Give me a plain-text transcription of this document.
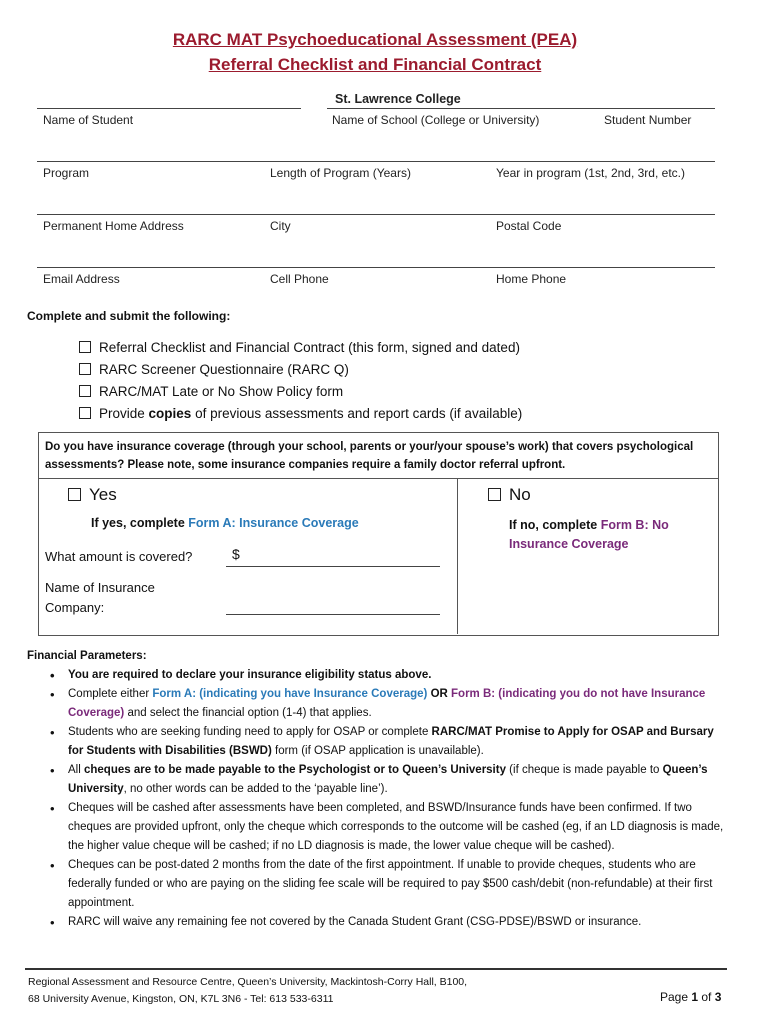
RARC MAT Psychoeducational Assessment (PEA)
Referral Checklist and Financial Contract
St. Lawrence College
Name of Student	Name of School (College or University)	Student Number
Program	Length of Program (Years)	Year in program (1st, 2nd, 3rd, etc.)
Permanent Home Address	City	Postal Code
Email Address	Cell Phone	Home Phone
Complete and submit the following:
Referral Checklist and Financial Contract (this form, signed and dated)
RARC Screener Questionnaire (RARC Q)
RARC/MAT Late or No Show Policy form
Provide copies of previous assessments and report cards (if available)
Do you have insurance coverage (through your school, parents or your/your spouse’s work) that covers psychological assessments? Please note, some insurance companies require a family doctor referral upfront.
Yes	No
If yes, complete Form A: Insurance Coverage	If no, complete Form B: No Insurance Coverage
What amount is covered?	$
Name of Insurance Company:
Financial Parameters:
• You are required to declare your insurance eligibility status above.
• Complete either Form A: (indicating you have Insurance Coverage) OR Form B: (indicating you do not have Insurance Coverage) and select the financial option (1-4) that applies.
• Students who are seeking funding need to apply for OSAP or complete RARC/MAT Promise to Apply for OSAP and Bursary for Students with Disabilities (BSWD) form (if OSAP application is unavailable).
• All cheques are to be made payable to the Psychologist or to Queen’s University (if cheque is made payable to Queen’s University, no other words can be added to the ‘payable line’).
• Cheques will be cashed after assessments have been completed, and BSWD/Insurance funds have been confirmed. If two cheques are provided upfront, only the cheque which corresponds to the outcome will be cashed (eg, if an LD diagnosis is made, the higher value cheque will be cashed; if no LD diagnosis is made, the lower value cheque will be cashed).
• Cheques can be post-dated 2 months from the date of the first appointment. If unable to provide cheques, students who are federally funded or who are paying on the sliding fee scale will be required to pay $500 cash/debit (non-refundable) at their first appointment.
• RARC will waive any remaining fee not covered by the Canada Student Grant (CSG-PDSE)/BSWD or insurance.
Regional Assessment and Resource Centre, Queen’s University, Mackintosh-Corry Hall, B100,
68 University Avenue, Kingston, ON, K7L 3N6 - Tel: 613 533-6311	Page 1 of 3
